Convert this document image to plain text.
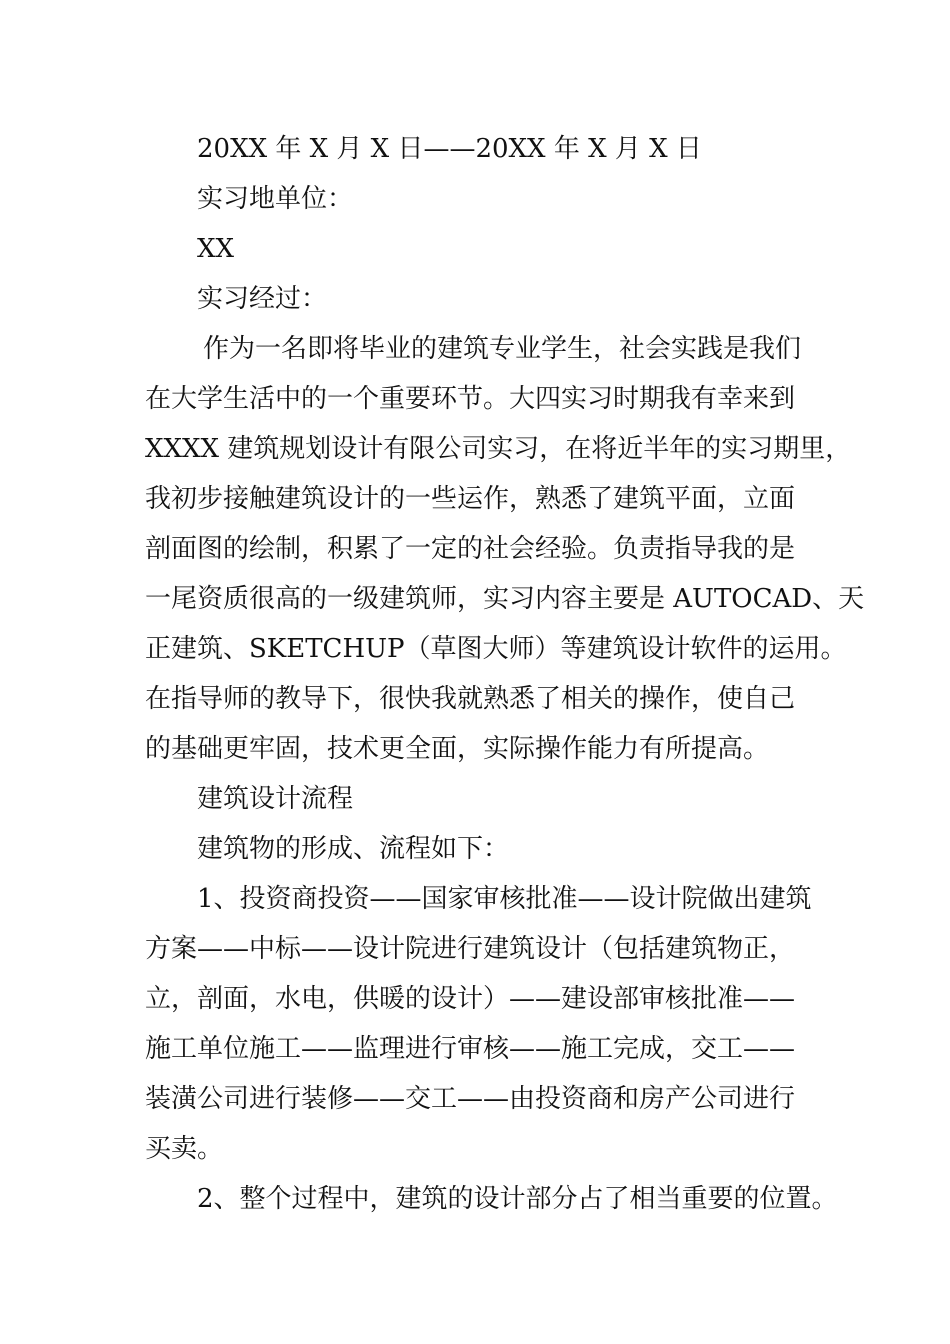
20XX 年 X 月 X 日——20XX 年 X 月 X 日
实习地单位：
XX
实习经过：
作为一名即将毕业的建筑专业学生，社会实践是我们
在大学生活中的一个重要环节。大四实习时期我有幸来到
XXXX 建筑规划设计有限公司实习，在将近半年的实习期里，
我初步接触建筑设计的一些运作，熟悉了建筑平面，立面
剖面图的绘制，积累了一定的社会经验。负责指导我的是
一尾资质很高的一级建筑师，实习内容主要是 AUTOCAD、天
正建筑、SKETCHUP（草图大师）等建筑设计软件的运用。
在指导师的教导下，很快我就熟悉了相关的操作，使自己
的基础更牢固，技术更全面，实际操作能力有所提高。
建筑设计流程
建筑物的形成、流程如下：
1、投资商投资——国家审核批准——设计院做出建筑
方案——中标——设计院进行建筑设计（包括建筑物正，
立，剖面，水电，供暖的设计）——建设部审核批准——
施工单位施工——监理进行审核——施工完成，交工——
装潢公司进行装修——交工——由投资商和房产公司进行
买卖。
2、整个过程中，建筑的设计部分占了相当重要的位置。
